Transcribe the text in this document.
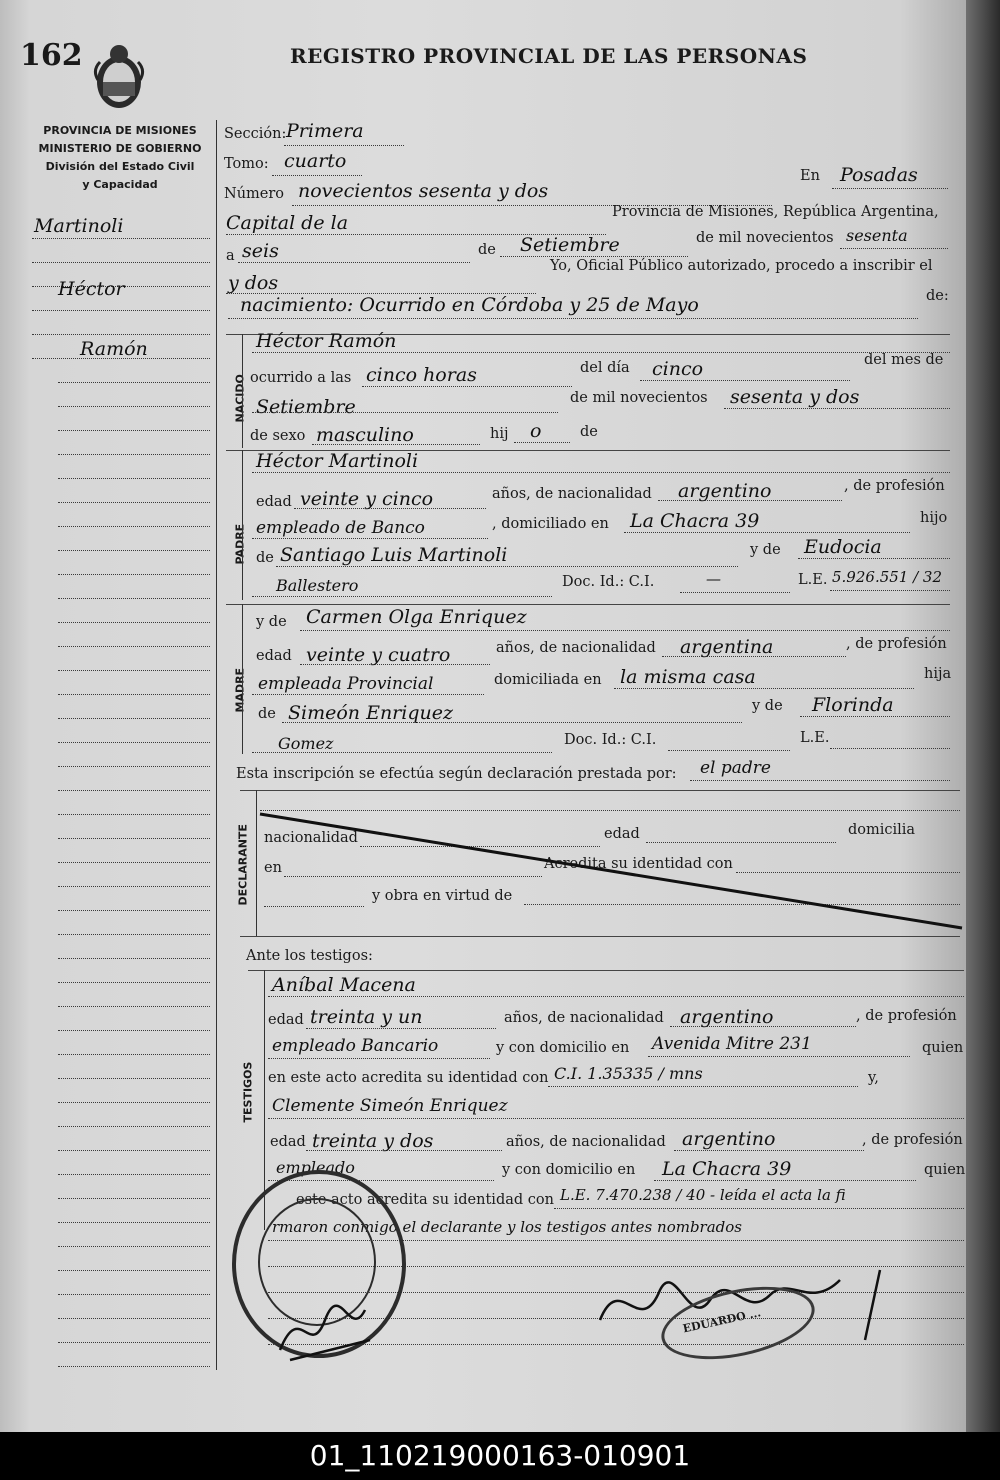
162	REGISTRO PROVINCIAL DE LAS PERSONAS
PROVINCIA DE MISIONES
MINISTERIO DE GOBIERNO
División del Estado Civil
y Capacidad
Martinoli
Héctor
Ramón
Sección: Primera
Tomo: cuarto
Número novecientos sesenta y dos
En Posadas
Capital de la	Provincia de Misiones, República Argentina,
a seis	de Setiembre	de mil novecientos sesenta
y dos
Yo, Oficial Público autorizado, procedo a inscribir el
nacimiento: Ocurrido en Córdoba y 25 de Mayo	de:
NACIDO
Héctor Ramón
ocurrido a las cinco horas	del día cinco	del mes de
Setiembre	de mil novecientos sesenta y dos
de sexo masculino	hij o	de
PADRE
Héctor Martinoli
edad veinte y cinco	años, de nacionalidad argentino	, de profesión
empleado de Banco	, domiciliado en La Chacra 39	hijo
de Santiago Luis Martinoli	y de Eudocia
Ballestero	Doc. Id.: C.I.	—	L.E. 5.926.551 / 32
MADRE
y de Carmen Olga Enriquez
edad veinte y cuatro	años, de nacionalidad argentina	, de profesión
empleada Provincial	domiciliada en la misma casa	hija
de Simeón Enriquez	y de Florinda
Gomez	Doc. Id.: C.I.	L.E.
Esta inscripción se efectúa según declaración prestada por: el padre
DECLARANTE nacionalidad	edad	domicilia
en	Acredita su identidad con
y obra en virtud de
Ante los testigos:
TESTIGOS
Aníbal Macena
edad treinta y un	años, de nacionalidad argentino	, de profesión
empleado Bancario	y con domicilio en Avenida Mitre 231	quien
en este acto acredita su identidad con C.I. 1.35335 / mns	y,
Clemente Simeón Enriquez
edad treinta y dos	años, de nacionalidad argentino	, de profesión
empleado	y con domicilio en La Chacra 39	quien
este acto acredita su identidad con L.E. 7.470.238 / 40 - leída el acta la fi
rmaron conmigo el declarante y los testigos antes nombrados
EDUARDO ...
01_110219000163-010901
